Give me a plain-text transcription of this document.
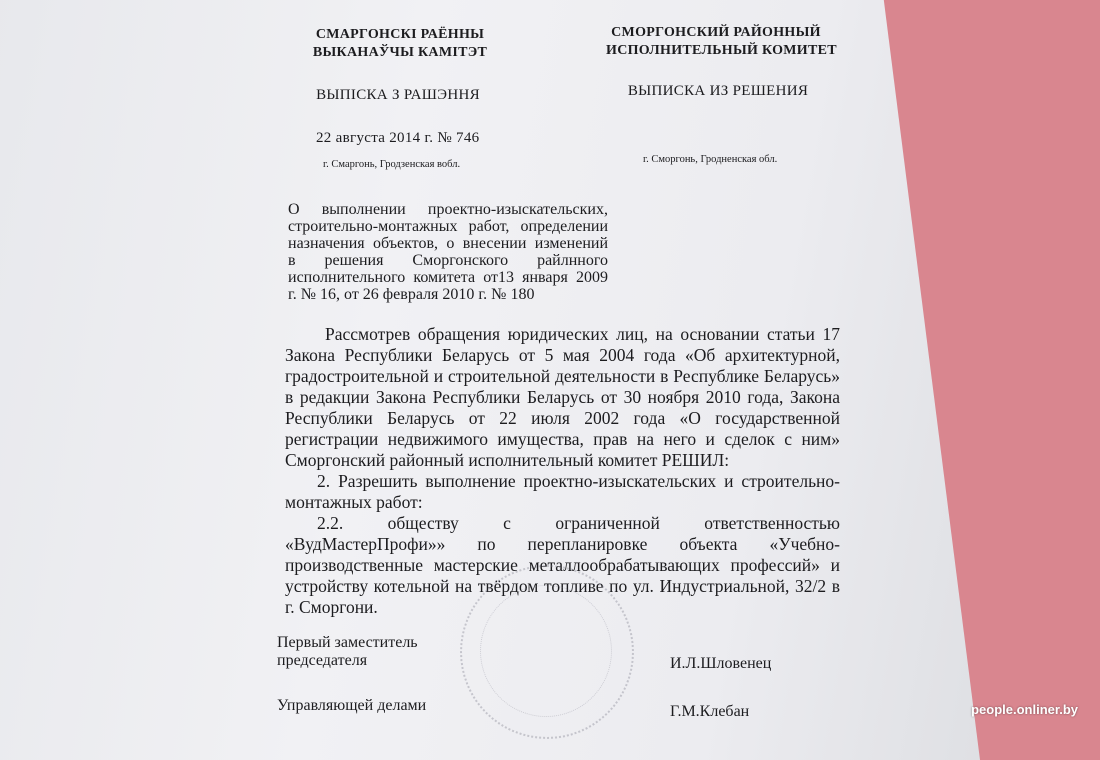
СМАРГОНСКІ РАЁННЫ
ВЫКАНАЎЧЫ КАМІТЭТ
ВЫПІСКА З РАШЭННЯ
22 августа 2014 г. № 746
г. Смаргонь, Гродзенская вобл.
СМОРГОНСКИЙ РАЙОННЫЙ
ИСПОЛНИТЕЛЬНЫЙ КОМИТЕТ
ВЫПИСКА ИЗ РЕШЕНИЯ
г. Сморгонь, Гродненская обл.
О выполнении проектно-изыскательских,
строительно-монтажных работ, определении
назначения объектов, о внесении изменений
в решения Сморгонского райлнного
исполнительного комитета от13 января 2009
г. № 16, от 26 февраля 2010 г. № 180
Рассмотрев обращения юридических лиц, на основании статьи 17
Закона Республики Беларусь от 5 мая 2004 года «Об архитектурной,
градостроительной и строительной деятельности в Республике Беларусь»
в редакции Закона Республики Беларусь от 30 ноября 2010 года, Закона
Республики Беларусь от 22 июля 2002 года «О государственной
регистрации недвижимого имущества, прав на него и сделок с ним»
Сморгонский районный исполнительный комитет РЕШИЛ:
2. Разрешить выполнение проектно-изыскательских и строительно-
монтажных работ:
2.2. обществу с ограниченной ответственностью
«ВудМастерПрофи»» по перепланировке объекта «Учебно-
производственные мастерские металлообрабатывающих профессий» и
устройству котельной на твёрдом топливе по ул. Индустриальной, 32/2 в
г. Сморгони.
Первый заместитель
председателя	И.Л.Шловенец
Управляющей делами	Г.М.Клебан	people.onliner.by
